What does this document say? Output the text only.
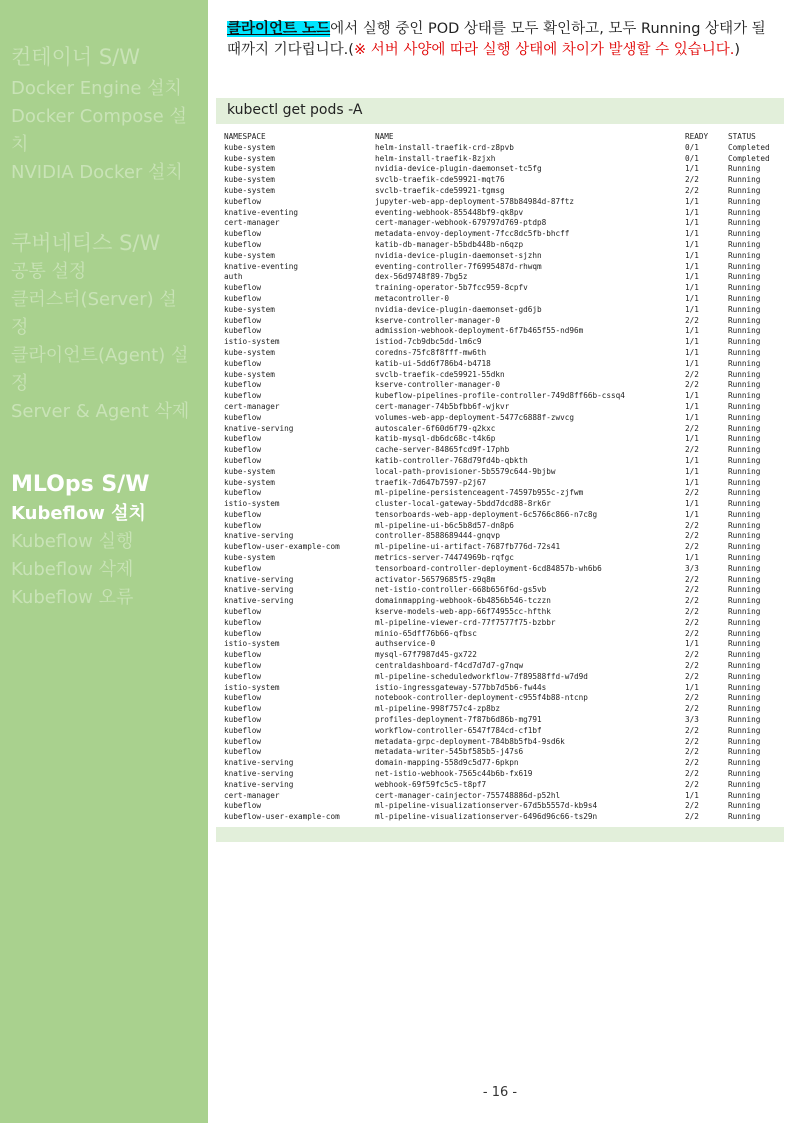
컨테이너 S/W
Docker Engine 설치
Docker Compose 설치
NVIDIA Docker 설치
쿠버네티스 S/W
공통 설정
클러스터(Server) 설정
클라이언트(Agent) 설정
Server & Agent 삭제
MLOps S/W
Kubeflow 설치
Kubeflow 실행
Kubeflow 삭제
Kubeflow 오류
클라이언트 노드에서 실행 중인 POD 상태를 모두 확인하고, 모두 Running 상태가 될 때까지 기다립니다.(※ 서버 사양에 따라 실행 상태에 차이가 발생할 수 있습니다.)
kubectl get pods -A
NAMESPACE	NAME	READY	STATUS
kube-system	helm-install-traefik-crd-z8pvb	0/1	Completed
kube-system	helm-install-traefik-8zjxh	0/1	Completed
kube-system	nvidia-device-plugin-daemonset-tc5fg	1/1	Running
kube-system	svclb-traefik-cde59921-mqt76	2/2	Running
kube-system	svclb-traefik-cde59921-tgmsg	2/2	Running
kubeflow	jupyter-web-app-deployment-578b84984d-87ftz	1/1	Running
knative-eventing	eventing-webhook-855448bf9-qk8pv	1/1	Running
cert-manager	cert-manager-webhook-679797d769-ptdp8	1/1	Running
kubeflow	metadata-envoy-deployment-7fcc8dc5fb-bhcff	1/1	Running
kubeflow	katib-db-manager-b5bdb448b-n6qzp	1/1	Running
kube-system	nvidia-device-plugin-daemonset-sjzhn	1/1	Running
knative-eventing	eventing-controller-7f6995487d-rhwqm	1/1	Running
auth	dex-56d9748f89-7bg5z	1/1	Running
kubeflow	training-operator-5b7fcc959-8cpfv	1/1	Running
kubeflow	metacontroller-0	1/1	Running
kube-system	nvidia-device-plugin-daemonset-gd6jb	1/1	Running
kubeflow	kserve-controller-manager-0	2/2	Running
kubeflow	admission-webhook-deployment-6f7b465f55-nd96m	1/1	Running
istio-system	istiod-7cb9dbc5dd-lm6c9	1/1	Running
kube-system	coredns-75fc8f8fff-mw6th	1/1	Running
kubeflow	katib-ui-5dd6f786b4-b4718	1/1	Running
kube-system	svclb-traefik-cde59921-55dkn	2/2	Running
kubeflow	kserve-controller-manager-0	2/2	Running
kubeflow	kubeflow-pipelines-profile-controller-749d8ff66b-cssq4	1/1	Running
cert-manager	cert-manager-74b5bfbb6f-wjkvr	1/1	Running
kubeflow	volumes-web-app-deployment-5477c6888f-zwvcg	1/1	Running
knative-serving	autoscaler-6f60d6f79-q2kxc	2/2	Running
kubeflow	katib-mysql-db6dc68c-t4k6p	1/1	Running
kubeflow	cache-server-84865fcd9f-17phb	2/2	Running
kubeflow	katib-controller-768d79fd4b-qbkth	1/1	Running
kube-system	local-path-provisioner-5b5579c644-9bjbw	1/1	Running
kube-system	traefik-7d647b7597-p2j67	1/1	Running
kubeflow	ml-pipeline-persistenceagent-74597b955c-zjfwm	2/2	Running
istio-system	cluster-local-gateway-5bdd7dcd88-8rk6r	1/1	Running
kubeflow	tensorboards-web-app-deployment-6c5766c866-n7c8g	1/1	Running
kubeflow	ml-pipeline-ui-b6c5b8d57-dn8p6	2/2	Running
knative-serving	controller-8588689444-gnqvp	2/2	Running
kubeflow-user-example-com	ml-pipeline-ui-artifact-7687fb776d-72s41	2/2	Running
kube-system	metrics-server-74474969b-rqfgc	1/1	Running
kubeflow	tensorboard-controller-deployment-6cd84857b-wh6b6	3/3	Running
knative-serving	activator-56579685f5-z9q8m	2/2	Running
knative-serving	net-istio-controller-668b656f6d-gs5vb	2/2	Running
knative-serving	domainmapping-webhook-6b4856b546-tczzn	2/2	Running
kubeflow	kserve-models-web-app-66f74955cc-hfthk	2/2	Running
kubeflow	ml-pipeline-viewer-crd-77f7577f75-bzbbr	2/2	Running
kubeflow	minio-65dff76b66-qfbsc	2/2	Running
istio-system	authservice-0	1/1	Running
kubeflow	mysql-67f7987d45-gx722	2/2	Running
kubeflow	centraldashboard-f4cd7d7d7-g7nqw	2/2	Running
kubeflow	ml-pipeline-scheduledworkflow-7f89588ffd-w7d9d	2/2	Running
istio-system	istio-ingressgateway-577bb7d5b6-fw44s	1/1	Running
kubeflow	notebook-controller-deployment-c955f4b88-ntcnp	2/2	Running
kubeflow	ml-pipeline-998f757c4-zp8bz	2/2	Running
kubeflow	profiles-deployment-7f87b6d86b-mg791	3/3	Running
kubeflow	workflow-controller-6547f784cd-cf1bf	2/2	Running
kubeflow	metadata-grpc-deployment-784b8b5fb4-9sd6k	2/2	Running
kubeflow	metadata-writer-545bf585b5-j47s6	2/2	Running
knative-serving	domain-mapping-558d9c5d77-6pkpn	2/2	Running
knative-serving	net-istio-webhook-7565c44b6b-fx619	2/2	Running
knative-serving	webhook-69f59fc5c5-t8pf7	2/2	Running
cert-manager	cert-manager-cainjector-755748886d-p52hl	1/1	Running
kubeflow	ml-pipeline-visualizationserver-67d5b5557d-kb9s4	2/2	Running
kubeflow-user-example-com	ml-pipeline-visualizationserver-6496d96c66-ts29n	2/2	Running
- 16 -
